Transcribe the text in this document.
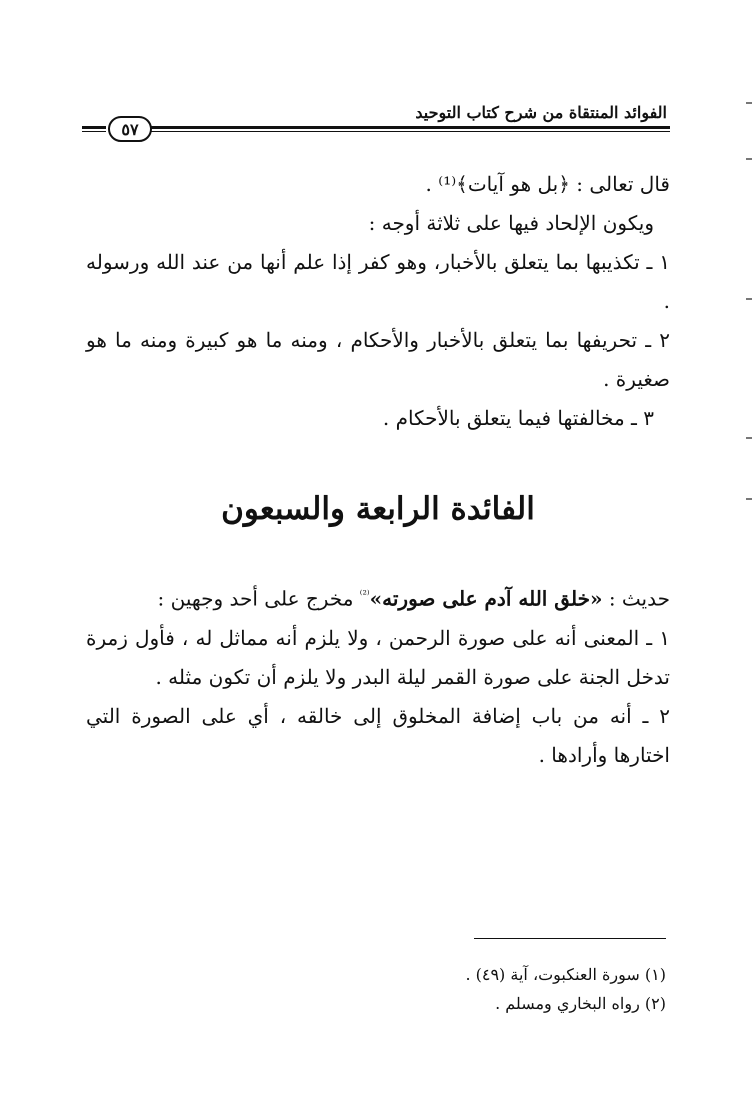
الفوائد المنتقاة من شرح كتاب التوحيد
٥٧

قال تعالى : ﴿بل هو آيات﴾⁽¹⁾ .

ويكون الإلحاد فيها على ثلاثة أوجه :

١ ـ تكذيبها بما يتعلق بالأخبار، وهو كفر إذا علم أنها من عند الله ورسوله .

٢ ـ تحريفها بما يتعلق بالأخبار والأحكام ، ومنه ما هو كبيرة ومنه ما هو صغيرة .

٣ ـ مخالفتها فيما يتعلق بالأحكام .

الفائدة الرابعة والسبعون

حديث : «خلق الله آدم على صورته»$^{^{(2)}}$ مخرج على أحد وجهين :

١ ـ المعنى أنه على صورة الرحمن ، ولا يلزم أنه مماثل له ، فأول زمرة تدخل الجنة على صورة القمر ليلة البدر ولا يلزم أن تكون مثله .

٢ ـ أنه من باب إضافة المخلوق إلى خالقه ، أي على الصورة التي اختارها وأرادها .

(١) سورة العنكبوت، آية (٤٩) .

(٢) رواه البخاري ومسلم .
